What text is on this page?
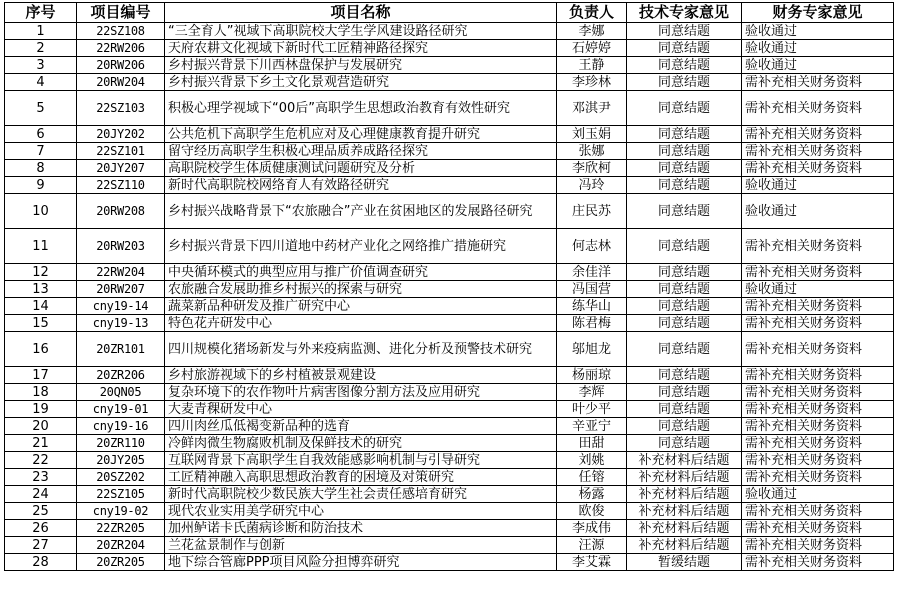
序号	项目编号	项目名称	负责人	技术专家意见	财务专家意见
1	22SZ108	“三全育人”视域下高职院校大学生学风建设路径研究	李娜	同意结题	验收通过
2	22RW206	天府农耕文化视域下新时代工匠精神路径探究	石婷婷	同意结题	验收通过
3	20RW206	乡村振兴背景下川西林盘保护与发展研究	王静	同意结题	验收通过
4	20RW204	乡村振兴背景下乡土文化景观营造研究	李珍林	同意结题	需补充相关财务资料
5	22SZ103	积极心理学视域下“00后”高职学生思想政治教育有效性研究	邓淇尹	同意结题	需补充相关财务资料
6	20JY202	公共危机下高职学生危机应对及心理健康教育提升研究	刘玉娟	同意结题	需补充相关财务资料
7	22SZ101	留守经历高职学生积极心理品质养成路径探究	张娜	同意结题	需补充相关财务资料
8	20JY207	高职院校学生体质健康测试问题研究及分析	李欣柯	同意结题	需补充相关财务资料
9	22SZ110	新时代高职院校网络育人有效路径研究	冯玲	同意结题	验收通过
10	20RW208	乡村振兴战略背景下“农旅融合”产业在贫困地区的发展路径研究	庄民苏	同意结题	验收通过
11	20RW203	乡村振兴背景下四川道地中药材产业化之网络推广措施研究	何志林	同意结题	需补充相关财务资料
12	22RW204	中央循环模式的典型应用与推广价值调查研究	余佳洋	同意结题	需补充相关财务资料
13	20RW207	农旅融合发展助推乡村振兴的探索与研究	冯国营	同意结题	验收通过
14	cny19-14	蔬菜新品种研发及推广研究中心	练华山	同意结题	需补充相关财务资料
15	cny19-13	特色花卉研发中心	陈君梅	同意结题	需补充相关财务资料
16	20ZR101	四川规模化猪场新发与外来疫病监测、进化分析及预警技术研究	邬旭龙	同意结题	需补充相关财务资料
17	20ZR206	乡村旅游视域下的乡村植被景观建设	杨丽琼	同意结题	需补充相关财务资料
18	20QN05	复杂环境下的农作物叶片病害图像分割方法及应用研究	李辉	同意结题	需补充相关财务资料
19	cny19-01	大麦青稞研发中心	叶少平	同意结题	需补充相关财务资料
20	cny19-16	四川肉丝瓜低褐变新品种的选育	辛亚宁	同意结题	需补充相关财务资料
21	20ZR110	冷鲜肉微生物腐败机制及保鲜技术的研究	田甜	同意结题	需补充相关财务资料
22	20JY205	互联网背景下高职学生自我效能感影响机制与引导研究	刘姚	补充材料后结题	需补充相关财务资料
23	20SZ202	工匠精神融入高职思想政治教育的困境及对策研究	任镕	补充材料后结题	需补充相关财务资料
24	22SZ105	新时代高职院校少数民族大学生社会责任感培育研究	杨露	补充材料后结题	验收通过
25	cny19-02	现代农业实用美学研究中心	欧俊	补充材料后结题	需补充相关财务资料
26	22ZR205	加州鲈诺卡氏菌病诊断和防治技术	李成伟	补充材料后结题	需补充相关财务资料
27	20ZR204	兰花盆景制作与创新	汪源	补充材料后结题	需补充相关财务资料
28	20ZR205	地下综合管廊PPP项目风险分担博弈研究	李艾霖	暂缓结题	需补充相关财务资料
